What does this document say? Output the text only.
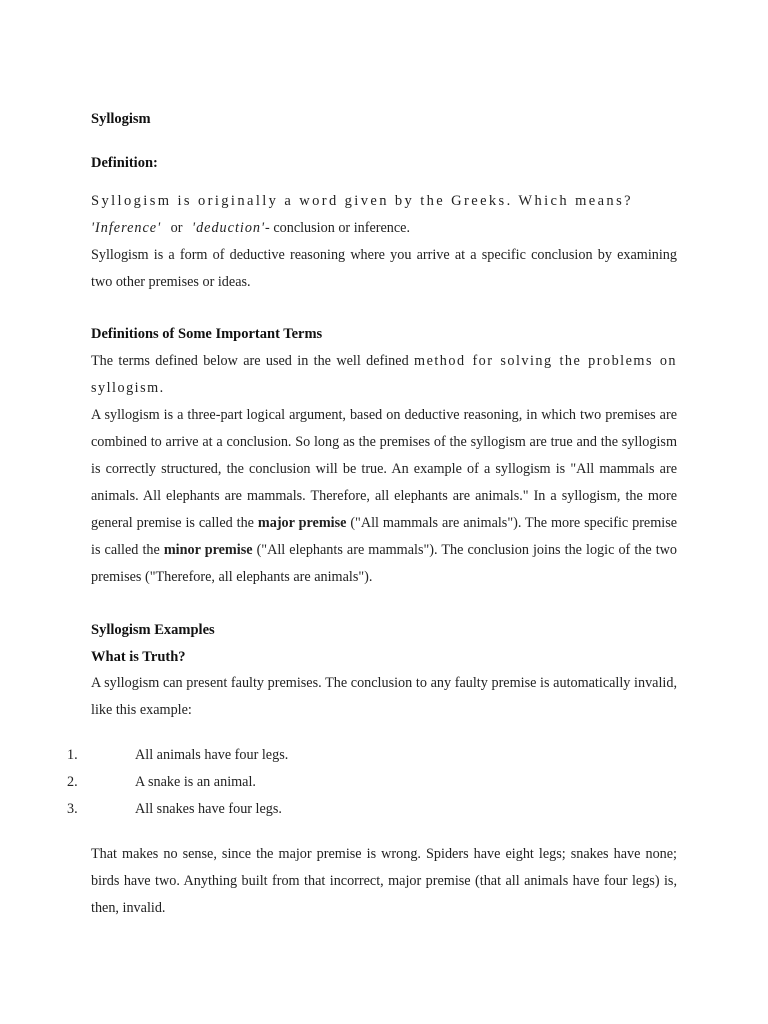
Syllogism
Definition:
Syllogism is originally a word given by the Greeks. Which means?
'Inference' or 'deduction'- conclusion or inference.

Syllogism is a form of deductive reasoning where you arrive at a specific conclusion by examining two other premises or ideas.

Definitions of Some Important Terms

The terms defined below are used in the well defined method for solving the problems on syllogism.

A syllogism is a three-part logical argument, based on deductive reasoning, in which two premises are combined to arrive at a conclusion. So long as the premises of the syllogism are true and the syllogism is correctly structured, the conclusion will be true. An example of a syllogism is "All mammals are animals. All elephants are mammals. Therefore, all elephants are animals." In a syllogism, the more general premise is called the major premise ("All mammals are animals"). The more specific premise is called the minor premise ("All elephants are mammals"). The conclusion joins the logic of the two premises ("Therefore, all elephants are animals").

Syllogism Examples
What is Truth?

A syllogism can present faulty premises. The conclusion to any faulty premise is automatically invalid, like this example:

1.	All animals have four legs.
2.	A snake is an animal.
3.	All snakes have four legs.

That makes no sense, since the major premise is wrong. Spiders have eight legs; snakes have none; birds have two. Anything built from that incorrect, major premise (that all animals have four legs) is, then, invalid.
